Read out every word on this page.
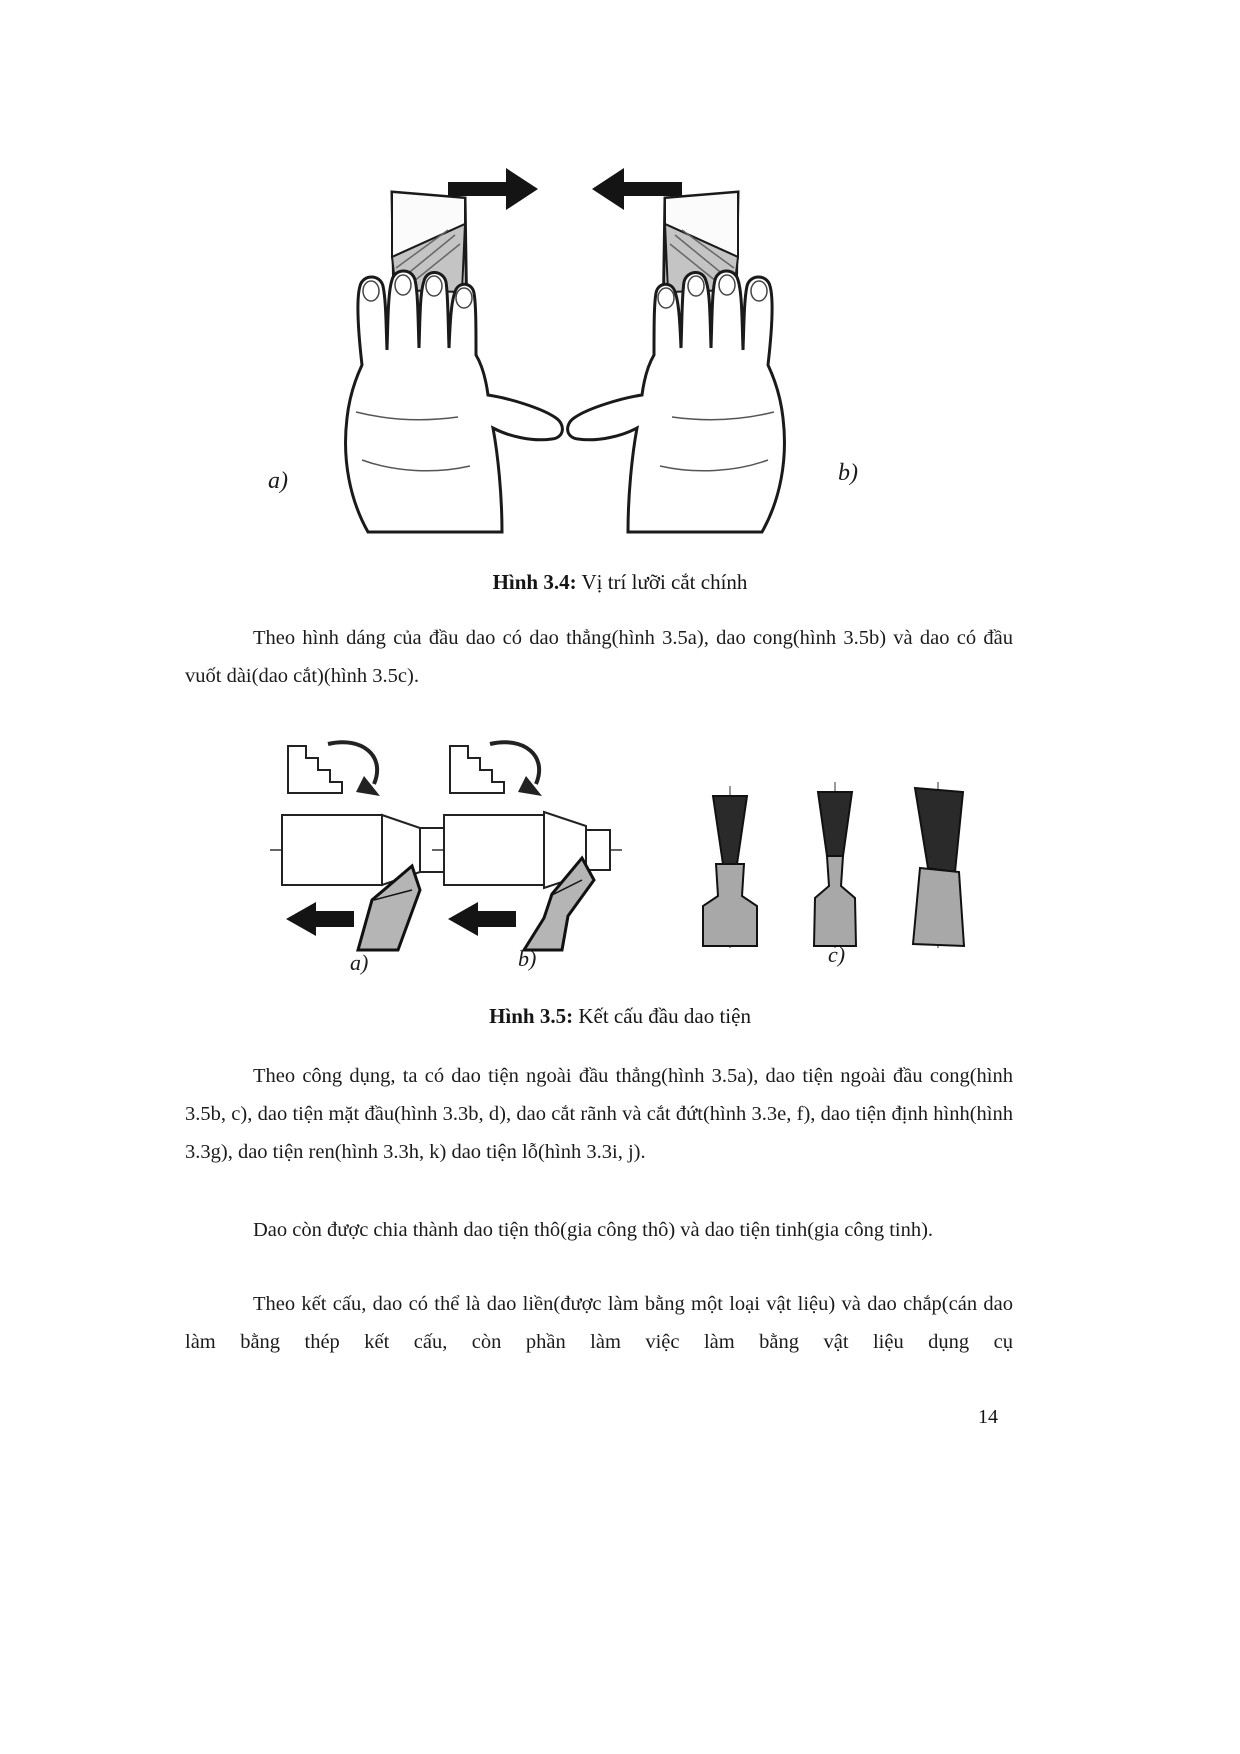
a)	b)
Hình 3.4: Vị trí lưỡi cắt chính

Theo hình dáng của đầu dao có dao thẳng(hình 3.5a), dao cong(hình 3.5b) và dao có đầu vuốt dài(dao cắt)(hình 3.5c).

a)	b)	c)
Hình 3.5: Kết cấu đầu dao tiện

Theo công dụng, ta có dao tiện ngoài đầu thẳng(hình 3.5a), dao tiện ngoài đầu cong(hình 3.5b, c), dao tiện mặt đầu(hình 3.3b, d), dao cắt rãnh và cắt đứt(hình 3.3e, f), dao tiện định hình(hình 3.3g), dao tiện ren(hình 3.3h, k) dao tiện lỗ(hình 3.3i, j).

Dao còn được chia thành dao tiện thô(gia công thô) và dao tiện tinh(gia công tinh).

Theo kết cấu, dao có thể là dao liền(được làm bằng một loại vật liệu) và dao chắp(cán dao làm bằng thép kết cấu, còn phần làm việc làm bằng vật liệu dụng cụ

14
